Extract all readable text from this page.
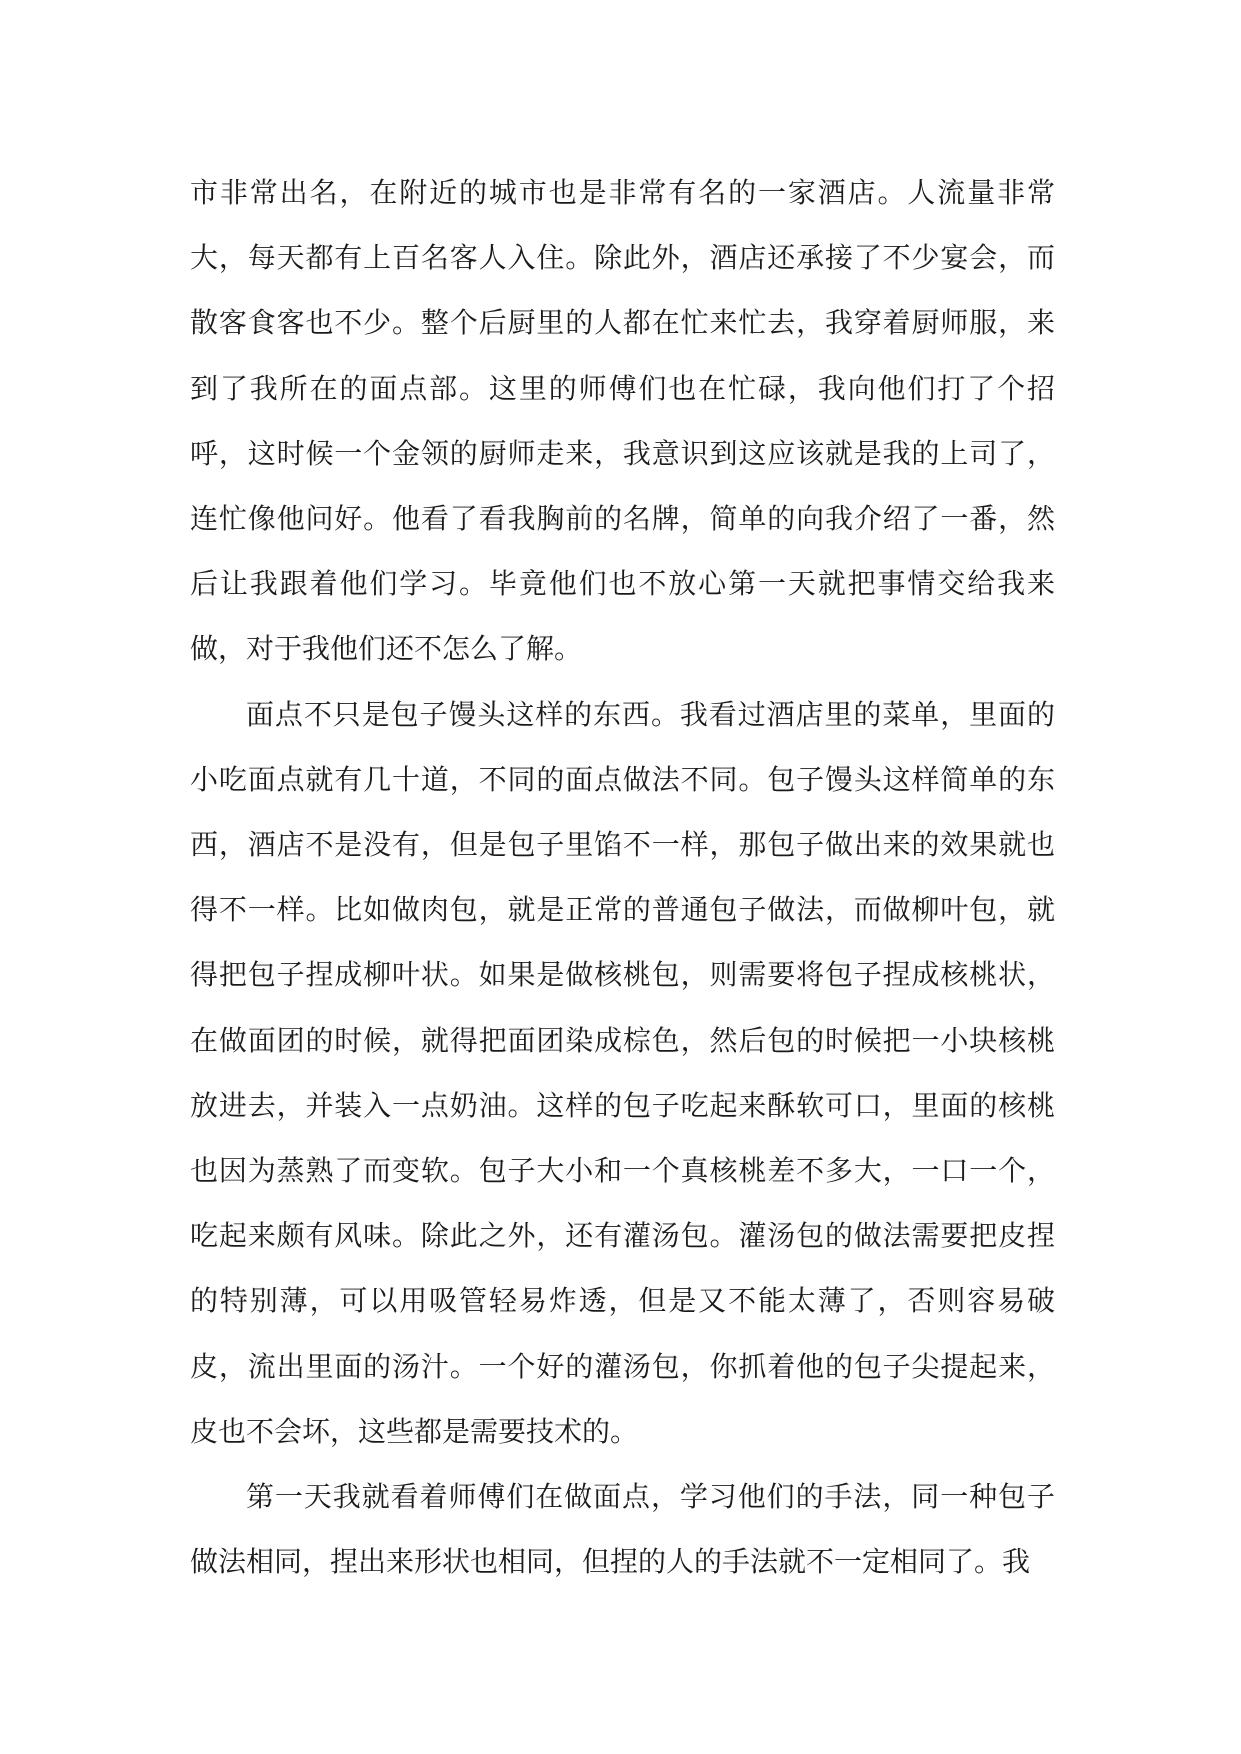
市非常出名，在附近的城市也是非常有名的一家酒店。人流量非常大，每天都有上百名客人入住。除此外，酒店还承接了不少宴会，而散客食客也不少。整个后厨里的人都在忙来忙去，我穿着厨师服，来到了我所在的面点部。这里的师傅们也在忙碌，我向他们打了个招呼，这时候一个金领的厨师走来，我意识到这应该就是我的上司了，连忙像他问好。他看了看我胸前的名牌，简单的向我介绍了一番，然后让我跟着他们学习。毕竟他们也不放心第一天就把事情交给我来做，对于我他们还不怎么了解。

面点不只是包子馒头这样的东西。我看过酒店里的菜单，里面的小吃面点就有几十道，不同的面点做法不同。包子馒头这样简单的东西，酒店不是没有，但是包子里馅不一样，那包子做出来的效果就也得不一样。比如做肉包，就是正常的普通包子做法，而做柳叶包，就得把包子捏成柳叶状。如果是做核桃包，则需要将包子捏成核桃状，在做面团的时候，就得把面团染成棕色，然后包的时候把一小块核桃放进去，并装入一点奶油。这样的包子吃起来酥软可口，里面的核桃也因为蒸熟了而变软。包子大小和一个真核桃差不多大，一口一个，吃起来颇有风味。除此之外，还有灌汤包。灌汤包的做法需要把皮捏的特别薄，可以用吸管轻易炸透，但是又不能太薄了，否则容易破皮，流出里面的汤汁。一个好的灌汤包，你抓着他的包子尖提起来，皮也不会坏，这些都是需要技术的。

第一天我就看着师傅们在做面点，学习他们的手法，同一种包子做法相同，捏出来形状也相同，但捏的人的手法就不一定相同了。我
